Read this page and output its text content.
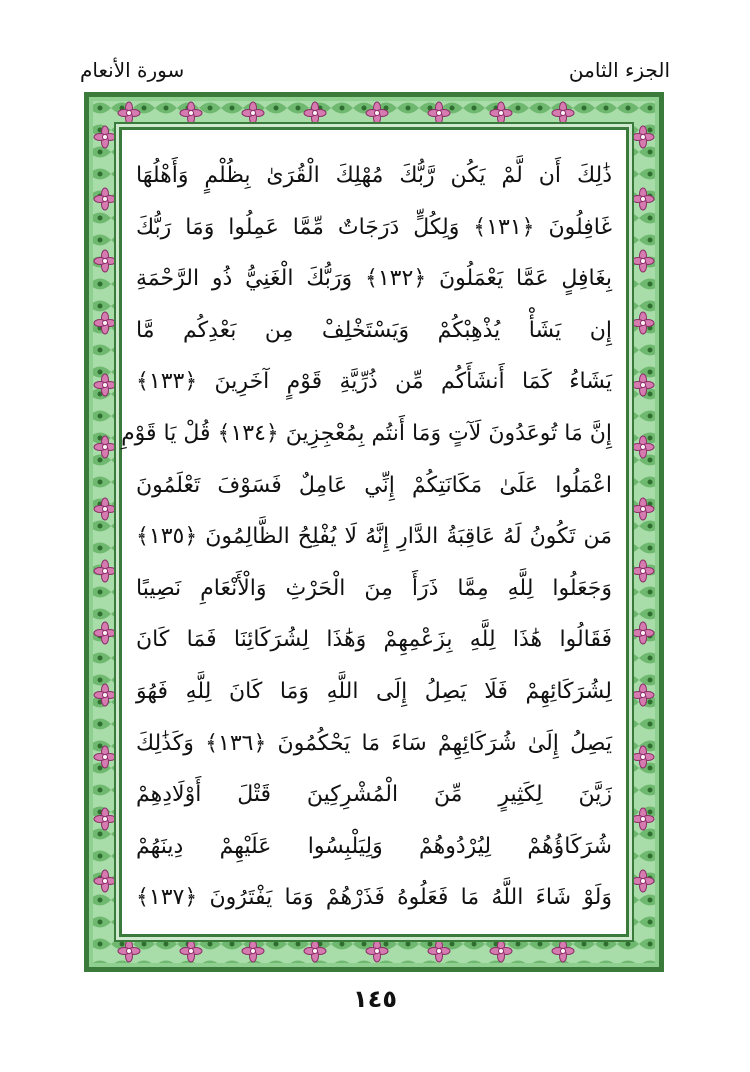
الجزء الثامن
سورة الأنعام
ذَٰلِكَ أَن لَّمْ يَكُن رَّبُّكَ مُهْلِكَ الْقُرَىٰ بِظُلْمٍ وَأَهْلُهَا
غَافِلُونَ ﴿١٣١﴾ وَلِكُلٍّ دَرَجَاتٌ مِّمَّا عَمِلُوا وَمَا رَبُّكَ
بِغَافِلٍ عَمَّا يَعْمَلُونَ ﴿١٣٢﴾ وَرَبُّكَ الْغَنِيُّ ذُو الرَّحْمَةِ
إِن يَشَأْ يُذْهِبْكُمْ وَيَسْتَخْلِفْ مِن بَعْدِكُم مَّا
يَشَاءُ كَمَا أَنشَأَكُم مِّن ذُرِّيَّةِ قَوْمٍ آخَرِينَ ﴿١٣٣﴾
إِنَّ مَا تُوعَدُونَ لَآتٍ وَمَا أَنتُم بِمُعْجِزِينَ ﴿١٣٤﴾ قُلْ يَا قَوْمِ
اعْمَلُوا عَلَىٰ مَكَانَتِكُمْ إِنِّي عَامِلٌ فَسَوْفَ تَعْلَمُونَ
مَن تَكُونُ لَهُ عَاقِبَةُ الدَّارِ إِنَّهُ لَا يُفْلِحُ الظَّالِمُونَ ﴿١٣٥﴾
وَجَعَلُوا لِلَّهِ مِمَّا ذَرَأَ مِنَ الْحَرْثِ وَالْأَنْعَامِ نَصِيبًا
فَقَالُوا هَٰذَا لِلَّهِ بِزَعْمِهِمْ وَهَٰذَا لِشُرَكَائِنَا فَمَا كَانَ
لِشُرَكَائِهِمْ فَلَا يَصِلُ إِلَى اللَّهِ وَمَا كَانَ لِلَّهِ فَهُوَ
يَصِلُ إِلَىٰ شُرَكَائِهِمْ سَاءَ مَا يَحْكُمُونَ ﴿١٣٦﴾ وَكَذَٰلِكَ
زَيَّنَ لِكَثِيرٍ مِّنَ الْمُشْرِكِينَ قَتْلَ أَوْلَادِهِمْ
شُرَكَاؤُهُمْ لِيُرْدُوهُمْ وَلِيَلْبِسُوا عَلَيْهِمْ دِينَهُمْ
وَلَوْ شَاءَ اللَّهُ مَا فَعَلُوهُ فَذَرْهُمْ وَمَا يَفْتَرُونَ ﴿١٣٧﴾
١٤٥
